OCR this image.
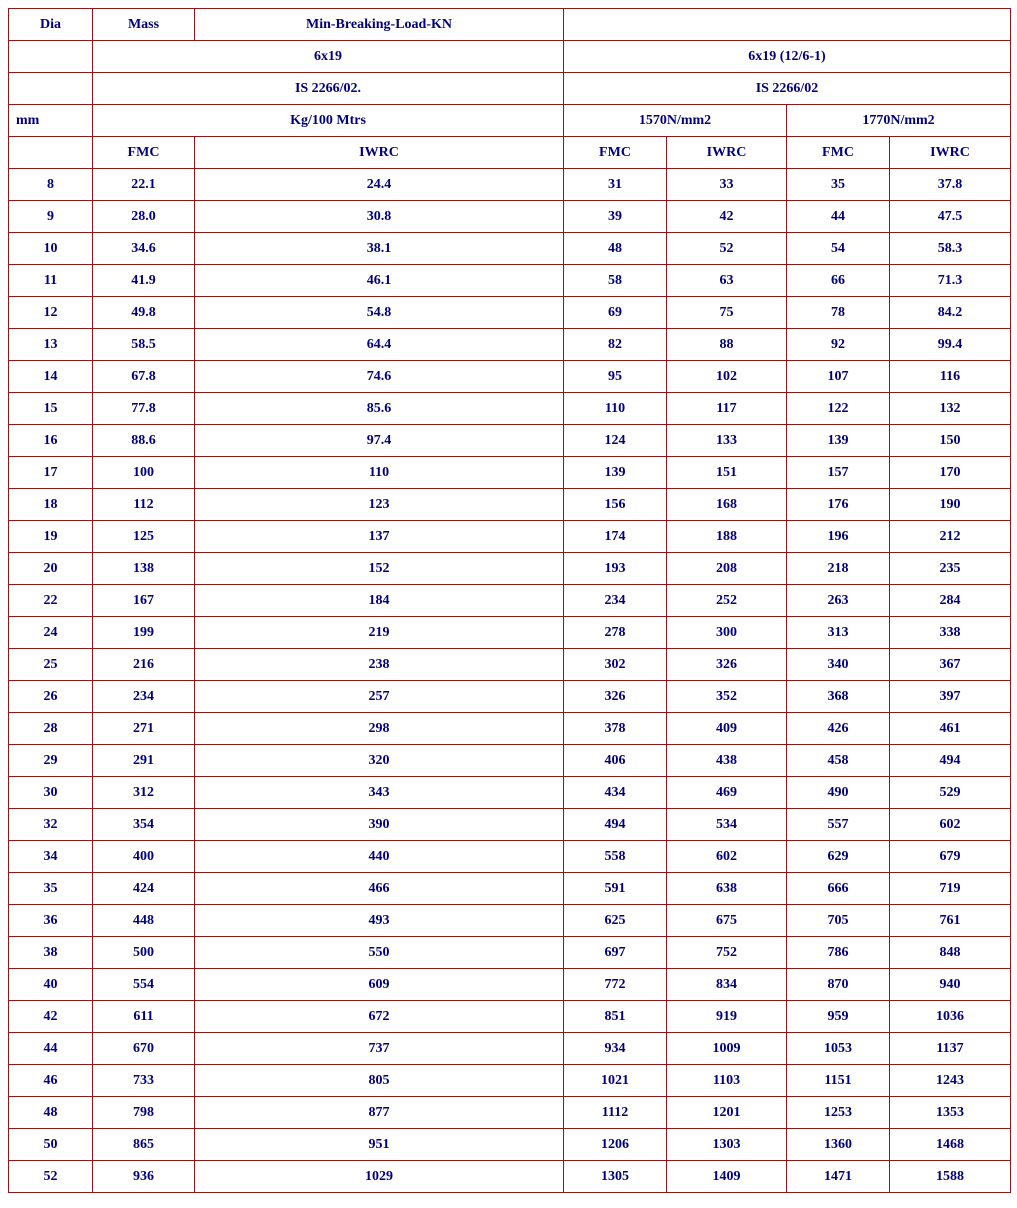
Dia	Mass	Min-Breaking-Load-KN				
	6x19		6x19 (12/6-1)			
	IS 2266/02.		IS 2266/02			
mm	Kg/100 Mtrs		1570N/mm2		1770N/mm2	
	FMC	IWRC	FMC	IWRC	FMC	IWRC
8	22.1	24.4	31	33	35	37.8
9	28.0	30.8	39	42	44	47.5
10	34.6	38.1	48	52	54	58.3
11	41.9	46.1	58	63	66	71.3
12	49.8	54.8	69	75	78	84.2
13	58.5	64.4	82	88	92	99.4
14	67.8	74.6	95	102	107	116
15	77.8	85.6	110	117	122	132
16	88.6	97.4	124	133	139	150
17	100	110	139	151	157	170
18	112	123	156	168	176	190
19	125	137	174	188	196	212
20	138	152	193	208	218	235
22	167	184	234	252	263	284
24	199	219	278	300	313	338
25	216	238	302	326	340	367
26	234	257	326	352	368	397
28	271	298	378	409	426	461
29	291	320	406	438	458	494
30	312	343	434	469	490	529
32	354	390	494	534	557	602
34	400	440	558	602	629	679
35	424	466	591	638	666	719
36	448	493	625	675	705	761
38	500	550	697	752	786	848
40	554	609	772	834	870	940
42	611	672	851	919	959	1036
44	670	737	934	1009	1053	1137
46	733	805	1021	1103	1151	1243
48	798	877	1112	1201	1253	1353
50	865	951	1206	1303	1360	1468
52	936	1029	1305	1409	1471	1588
